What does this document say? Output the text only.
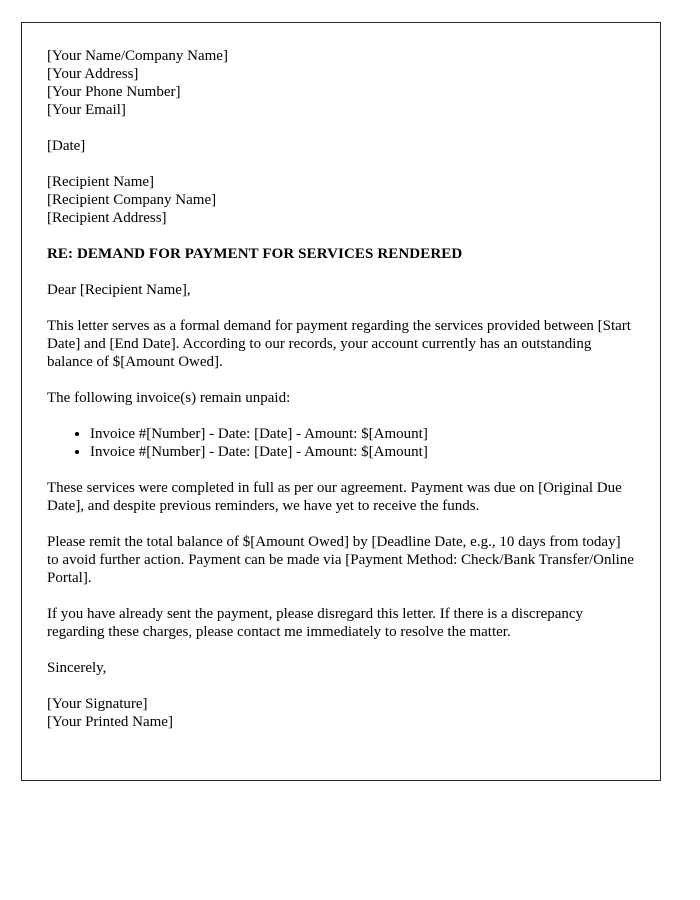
[Your Name/Company Name]
[Your Address]
[Your Phone Number]
[Your Email]
[Date]
[Recipient Name]
[Recipient Company Name]
[Recipient Address]
RE: DEMAND FOR PAYMENT FOR SERVICES RENDERED
Dear [Recipient Name],
This letter serves as a formal demand for payment regarding the services provided between [Start Date] and [End Date]. According to our records, your account currently has an outstanding balance of $[Amount Owed].
The following invoice(s) remain unpaid:
• Invoice #[Number] - Date: [Date] - Amount: $[Amount]
• Invoice #[Number] - Date: [Date] - Amount: $[Amount]
These services were completed in full as per our agreement. Payment was due on [Original Due Date], and despite previous reminders, we have yet to receive the funds.
Please remit the total balance of $[Amount Owed] by [Deadline Date, e.g., 10 days from today] to avoid further action. Payment can be made via [Payment Method: Check/Bank Transfer/Online Portal].
If you have already sent the payment, please disregard this letter. If there is a discrepancy regarding these charges, please contact me immediately to resolve the matter.
Sincerely,
[Your Signature]
[Your Printed Name]
